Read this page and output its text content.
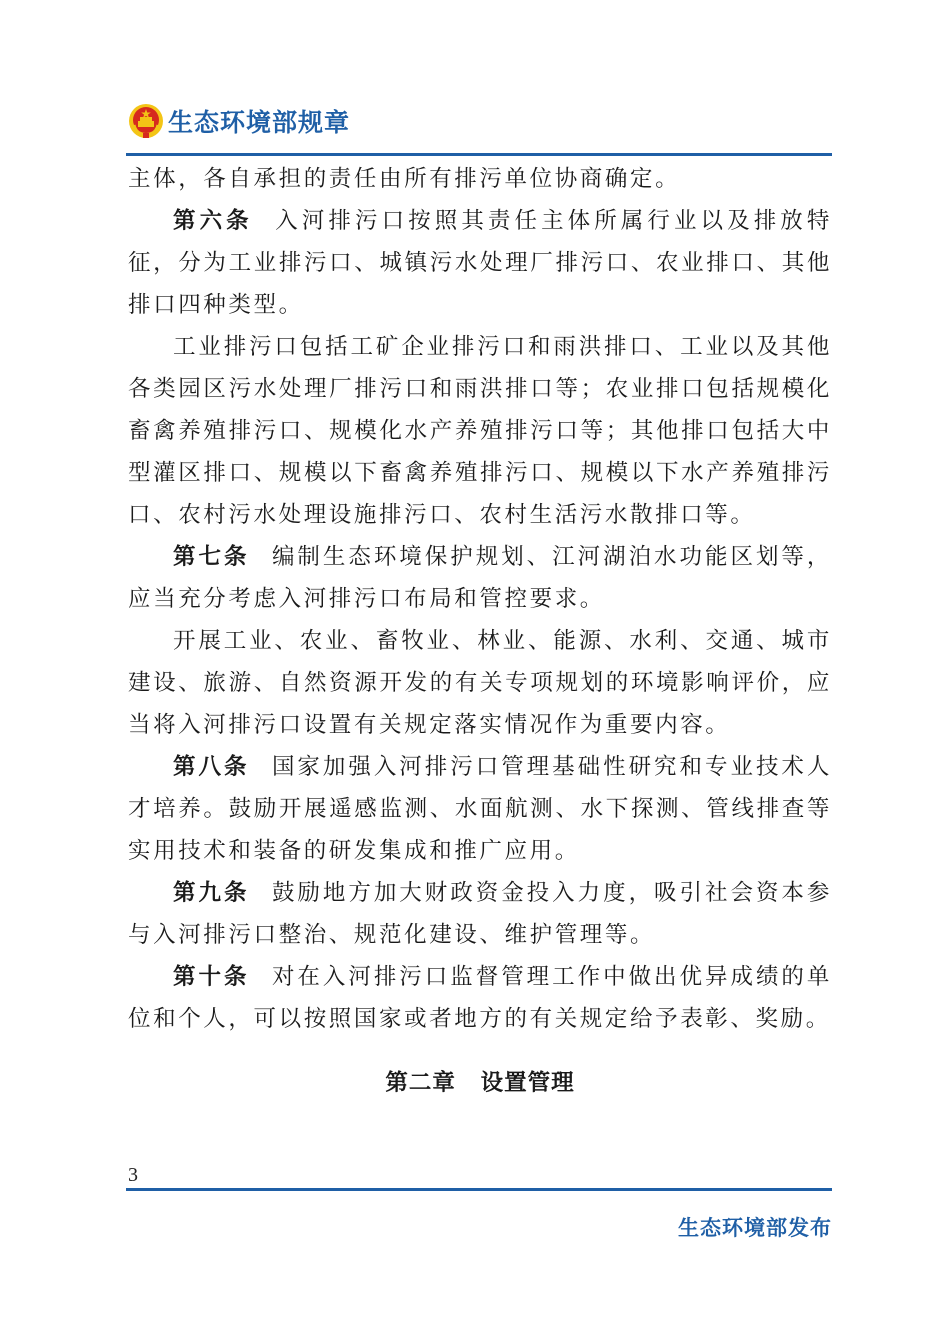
生态环境部规章

主体，各自承担的责任由所有排污单位协商确定。

第六条 入河排污口按照其责任主体所属行业以及排放特征，分为工业排污口、城镇污水处理厂排污口、农业排口、其他排口四种类型。

工业排污口包括工矿企业排污口和雨洪排口、工业以及其他各类园区污水处理厂排污口和雨洪排口等；农业排口包括规模化畜禽养殖排污口、规模化水产养殖排污口等；其他排口包括大中型灌区排口、规模以下畜禽养殖排污口、规模以下水产养殖排污口、农村污水处理设施排污口、农村生活污水散排口等。

第七条 编制生态环境保护规划、江河湖泊水功能区划等，应当充分考虑入河排污口布局和管控要求。

开展工业、农业、畜牧业、林业、能源、水利、交通、城市建设、旅游、自然资源开发的有关专项规划的环境影响评价，应当将入河排污口设置有关规定落实情况作为重要内容。

第八条 国家加强入河排污口管理基础性研究和专业技术人才培养。鼓励开展遥感监测、水面航测、水下探测、管线排查等实用技术和装备的研发集成和推广应用。

第九条 鼓励地方加大财政资金投入力度，吸引社会资本参与入河排污口整治、规范化建设、维护管理等。

第十条 对在入河排污口监督管理工作中做出优异成绩的单位和个人，可以按照国家或者地方的有关规定给予表彰、奖励。

第二章 设置管理

3
生态环境部发布
